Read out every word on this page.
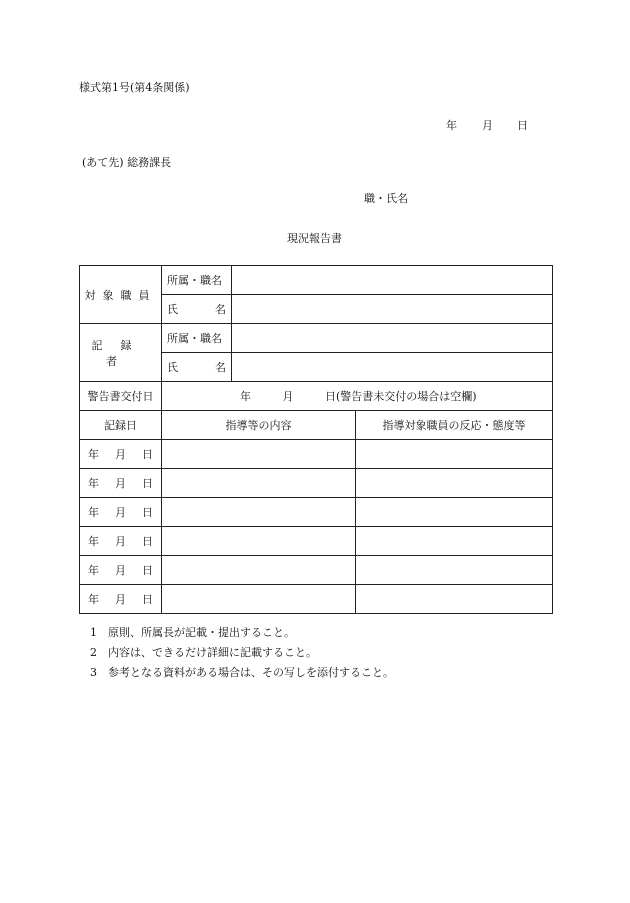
様式第1号(第4条関係)
年 月 日
(あて先) 総務課長
職・氏名
現況報告書
対象職員	所属・職名		

	氏 名		

記録者	所属・職名		

	氏 名		

警告書交付日	年 月 日(警告書未交付の場合は空欄)		
記録日	指導等の内容		指導対象職員の反応・態度等

年 月 日			

年 月 日			

年 月 日			

年 月 日			

年 月 日			

年 月 日			

1 原則、所属長が記載・提出すること。
2 内容は、できるだけ詳細に記載すること。
3 参考となる資料がある場合は、その写しを添付すること。
